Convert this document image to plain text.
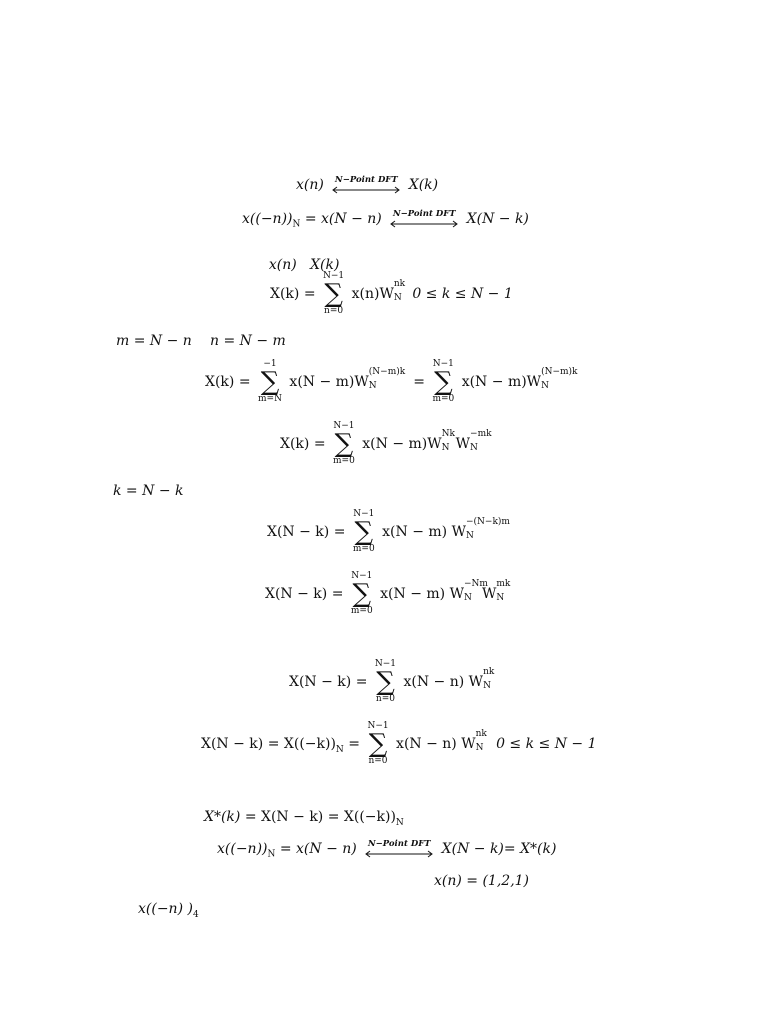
x(n)	N−Point DFT X(k)
$x((-n))_N = x(N - n)$	N−Point DFT X(N − k)

x(n)   X(k)

X(k) =
N−1
∑
n=0
x(n)W
nk
N 0 ≤ k ≤ N − 1
m = N − n n = N − m
X(k) =
−1
∑
m=N
x(N − m)W
(N−m)k
N	=
N−1
∑
m=0
x(N − m)W
(N−m)k
N
X(k) =
N−1
∑
m=0
x(N − m)W
Nk
N W
−mk
N
k = N − k
X(N − k) =
N−1
∑
m=0
x(N − m) W
−(N−k)m
N
X(N − k) =
N−1
∑
m=0
x(N − m) W
−Nm
N W
mk
N
X(N − k) =
N−1
∑
n=0
x(N − n) W
nk
N
$X(N - k) = X((-k))_N$ =
N−1
∑
n=0
x(N − n) W
nk
N 0 ≤ k ≤ N − 1
$X*(k) = X(N - k) = X((-k))_N$
$x((-n))_N = x(N - n)$	N−Point DFT X(N − k)= X*(k)
x(n) = (1,2,1)
x((−n) )$_4$
